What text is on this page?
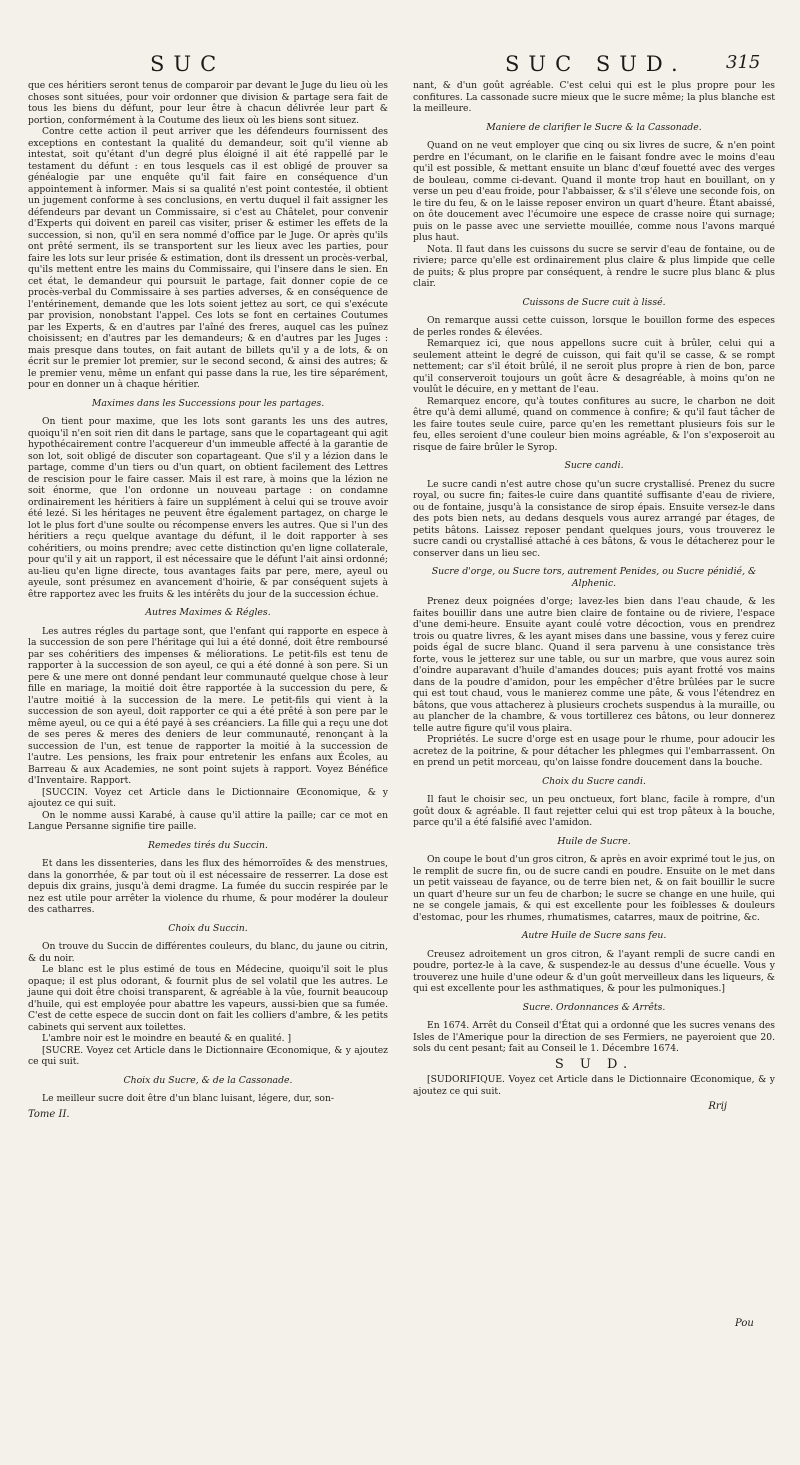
SUC	SUC SUD. 315

que ces héritiers seront tenus de comparoir par devant le Juge du lieu où les choses sont situées, pour voir ordonner que division & partage sera fait de tous les biens du défunt, pour leur être à chacun délivrée leur part & portion, conformément à la Coutume des lieux où les biens sont situez.

Contre cette action il peut arriver que les défendeurs fournissent des exceptions en contestant la qualité du demandeur, soit qu'il vienne ab intestat, soit qu'étant d'un degré plus éloigné il ait été rappellé par le testament du défunt : en tous lesquels cas il est obligé de prouver sa généalogie par une enquête qu'il fait faire en conséquence d'un appointement à informer. Mais si sa qualité n'est point contestée, il obtient un jugement conforme à ses conclusions, en vertu duquel il fait assigner les défendeurs par devant un Commissaire, si c'est au Châtelet, pour convenir d'Experts qui doivent en pareil cas visiter, priser & estimer les effets de la succession, si non, qu'il en sera nommé d'office par le Juge. Or après qu'ils ont prêté serment, ils se transportent sur les lieux avec les parties, pour faire les lots sur leur prisée & estimation, dont ils dressent un procès-verbal, qu'ils mettent entre les mains du Commissaire, qui l'insere dans le sien. En cet état, le demandeur qui poursuit le partage, fait donner copie de ce procès-verbal du Commissaire à ses parties adverses, & en conséquence de l'entérinement, demande que les lots soient jettez au sort, ce qui s'exécute par provision, nonobstant l'appel. Ces lots se font en certaines Coutumes par les Experts, & en d'autres par l'aîné des freres, auquel cas les puînez choisissent; en d'autres par les demandeurs; & en d'autres par les Juges : mais presque dans toutes, on fait autant de billets qu'il y a de lots, & on écrit sur le premier lot premier, sur le second second, & ainsi des autres; & le premier venu, même un enfant qui passe dans la rue, les tire séparément, pour en donner un à chaque héritier.

Maximes dans les Successions pour les partages.

On tient pour maxime, que les lots sont garants les uns des autres, quoiqu'il n'en soit rien dit dans le partage, sans que le copartageant qui agit hypothécairement contre l'acquereur d'un immeuble affecté à la garantie de son lot, soit obligé de discuter son copartageant. Que s'il y a lézion dans le partage, comme d'un tiers ou d'un quart, on obtient facilement des Lettres de rescision pour le faire casser. Mais il est rare, à moins que la lézion ne soit énorme, que l'on ordonne un nouveau partage : on condamne ordinairement les héritiers à faire un supplément à celui qui se trouve avoir été lezé. Si les héritages ne peuvent être également partagez, on charge le lot le plus fort d'une soulte ou récompense envers les autres. Que si l'un des héritiers a reçu quelque avantage du défunt, il le doit rapporter à ses cohéritiers, ou moins prendre; avec cette distinction qu'en ligne collaterale, pour qu'il y ait un rapport, il est nécessaire que le défunt l'ait ainsi ordonné; au-lieu qu'en ligne directe, tous avantages faits par pere, mere, ayeul ou ayeule, sont présumez en avancement d'hoirie, & par conséquent sujets à être rapportez avec les fruits & les intérêts du jour de la succession échue.

Autres Maximes & Régles.

Les autres régles du partage sont, que l'enfant qui rapporte en espece à la succession de son pere l'héritage qui lui a été donné, doit être remboursé par ses cohéritiers des impenses & méliorations. Le petit-fils est tenu de rapporter à la succession de son ayeul, ce qui a été donné à son pere. Si un pere & une mere ont donné pendant leur communauté quelque chose à leur fille en mariage, la moitié doit être rapportée à la succession du pere, & l'autre moitié à la succession de la mere. Le petit-fils qui vient à la succession de son ayeul, doit rapporter ce qui a été prêté à son pere par le même ayeul, ou ce qui a été payé à ses créanciers. La fille qui a reçu une dot de ses peres & meres des deniers de leur communauté, renonçant à la succession de l'un, est tenue de rapporter la moitié à la succession de l'autre. Les pensions, les fraix pour entretenir les enfans aux Écoles, au Barreau & aux Academies, ne sont point sujets à rapport. Voyez Bénéfice d'Inventaire. Rapport.

[SUCCIN. Voyez cet Article dans le Dictionnaire Œconomique, & y ajoutez ce qui suit.

On le nomme aussi Karabé, à cause qu'il attire la paille; car ce mot en Langue Persanne signifie tire paille.

Remedes tirés du Succin.

Et dans les dissenteries, dans les flux des hémorroïdes & des menstrues, dans la gonorrhée, & par tout où il est nécessaire de resserrer. La dose est depuis dix grains, jusqu'à demi dragme. La fumée du succin respirée par le nez est utile pour arrêter la violence du rhume, & pour modérer la douleur des catharres.

Choix du Succin.

On trouve du Succin de différentes couleurs, du blanc, du jaune ou citrin, & du noir.

Le blanc est le plus estimé de tous en Médecine, quoiqu'il soit le plus opaque; il est plus odorant, & fournit plus de sel volatil que les autres. Le jaune qui doit être choisi transparent, & agréable à la vûe, fournit beaucoup d'huile, qui est employée pour abattre les vapeurs, aussi-bien que sa fumée. C'est de cette espece de succin dont on fait les colliers d'ambre, & les petits cabinets qui servent aux toilettes.

L'ambre noir est le moindre en beauté & en qualité. ]

[SUCRE. Voyez cet Article dans le Dictionnaire Œconomique, & y ajoutez ce qui suit.

Choix du Sucre, & de la Cassonade.

Le meilleur sucre doit être d'un blanc luisant, légere, dur, son-

Tome II.

nant, & d'un goût agréable. C'est celui qui est le plus propre pour les confitures. La cassonade sucre mieux que le sucre même; la plus blanche est la meilleure.

Maniere de clarifier le Sucre & la Cassonade.

Quand on ne veut employer que cinq ou six livres de sucre, & n'en point perdre en l'écumant, on le clarifie en le faisant fondre avec le moins d'eau qu'il est possible, & mettant ensuite un blanc d'œuf fouetté avec des verges de bouleau, comme ci-devant. Quand il monte trop haut en bouillant, on y verse un peu d'eau froide, pour l'abbaisser, & s'il s'éleve une seconde fois, on le tire du feu, & on le laisse reposer environ un quart d'heure. Étant abaissé, on ôte doucement avec l'écumoire une espece de crasse noire qui surnage; puis on le passe avec une serviette mouillée, comme nous l'avons marqué plus haut.

Nota. Il faut dans les cuissons du sucre se servir d'eau de fontaine, ou de riviere; parce qu'elle est ordinairement plus claire & plus limpide que celle de puits; & plus propre par conséquent, à rendre le sucre plus blanc & plus clair.

Cuissons de Sucre cuit à lissé.

On remarque aussi cette cuisson, lorsque le bouillon forme des especes de perles rondes & élevées.

Remarquez ici, que nous appellons sucre cuit à brûler, celui qui a seulement atteint le degré de cuisson, qui fait qu'il se casse, & se rompt nettement; car s'il étoit brûlé, il ne seroit plus propre à rien de bon, parce qu'il conserveroit toujours un goût âcre & desagréable, à moins qu'on ne voulût le décuire, en y mettant de l'eau.

Remarquez encore, qu'à toutes confitures au sucre, le charbon ne doit être qu'à demi allumé, quand on commence à confire; & qu'il faut tâcher de les faire toutes seule cuire, parce qu'en les remettant plusieurs fois sur le feu, elles seroient d'une couleur bien moins agréable, & l'on s'exposeroit au risque de faire brûler le Syrop.

Sucre candi.

Le sucre candi n'est autre chose qu'un sucre crystallisé. Prenez du sucre royal, ou sucre fin; faites-le cuire dans quantité suffisante d'eau de riviere, ou de fontaine, jusqu'à la consistance de sirop épais. Ensuite versez-le dans des pots bien nets, au dedans desquels vous aurez arrangé par étages, de petits bâtons. Laissez reposer pendant quelques jours, vous trouverez le sucre candi ou crystallisé attaché à ces bâtons, & vous le détacherez pour le conserver dans un lieu sec.

Sucre d'orge, ou Sucre tors, autrement Penides, ou Sucre pénidié, & Alphenic.

Prenez deux poignées d'orge; lavez-les bien dans l'eau chaude, & les faites bouillir dans une autre bien claire de fontaine ou de riviere, l'espace d'une demi-heure. Ensuite ayant coulé votre décoction, vous en prendrez trois ou quatre livres, & les ayant mises dans une bassine, vous y ferez cuire poids égal de sucre blanc. Quand il sera parvenu à une consistance très forte, vous le jetterez sur une table, ou sur un marbre, que vous aurez soin d'oindre auparavant d'huile d'amandes douces; puis ayant frotté vos mains dans de la poudre d'amidon, pour les empêcher d'être brûlées par le sucre qui est tout chaud, vous le manierez comme une pâte, & vous l'étendrez en bâtons, que vous attacherez à plusieurs crochets suspendus à la muraille, ou au plancher de la chambre, & vous tortillerez ces bâtons, ou leur donnerez telle autre figure qu'il vous plaira.

Propriétés. Le sucre d'orge est en usage pour le rhume, pour adoucir les acretez de la poitrine, & pour détacher les phlegmes qui l'embarrassent. On en prend un petit morceau, qu'on laisse fondre doucement dans la bouche.

Choix du Sucre candi.

Il faut le choisir sec, un peu onctueux, fort blanc, facile à rompre, d'un goût doux & agréable. Il faut rejetter celui qui est trop pâteux à la bouche, parce qu'il a été falsifié avec l'amidon.

Huile de Sucre.

On coupe le bout d'un gros citron, & après en avoir exprimé tout le jus, on le remplit de sucre fin, ou de sucre candi en poudre. Ensuite on le met dans un petit vaisseau de fayance, ou de terre bien net, & on fait bouillir le sucre un quart d'heure sur un feu de charbon; le sucre se change en une huile, qui ne se congele jamais, & qui est excellente pour les foiblesses & douleurs d'estomac, pour les rhumes, rhumatismes, catarres, maux de poitrine, &c.

Autre Huile de Sucre sans feu.

Creusez adroitement un gros citron, & l'ayant rempli de sucre candi en poudre, portez-le à la cave, & suspendez-le au dessus d'une écuelle. Vous y trouverez une huile d'une odeur & d'un goût merveilleux dans les liqueurs, & qui est excellente pour les asthmatiques, & pour les pulmoniques.]

Sucre. Ordonnances & Arrêts.

En 1674. Arrêt du Conseil d'État qui a ordonné que les sucres venans des Isles de l'Amerique pour la direction de ses Fermiers, ne payeroient que 20. sols du cent pesant; fait au Conseil le 1. Décembre 1674.

S U D.

[SUDORIFIQUE. Voyez cet Article dans le Dictionnaire Œconomique, & y ajoutez ce qui suit.

Rrij
Pou
